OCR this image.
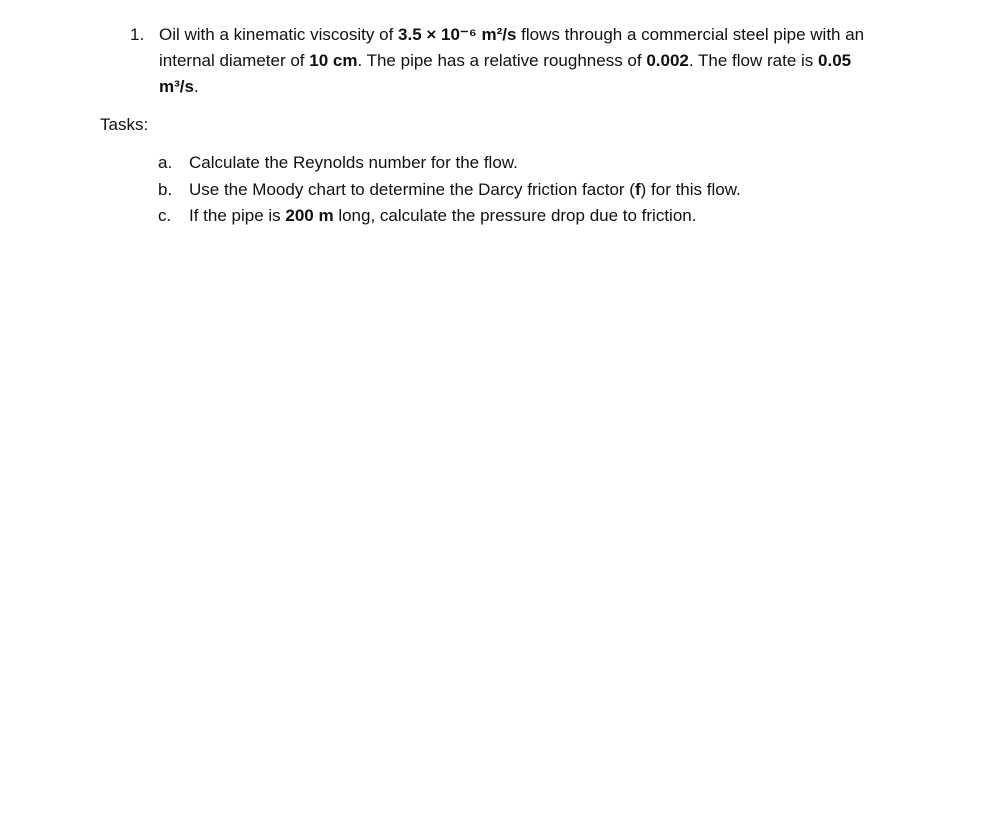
1. Oil with a kinematic viscosity of 3.5 × 10⁻⁶ m²/s flows through a commercial steel pipe with an internal diameter of 10 cm. The pipe has a relative roughness of 0.002. The flow rate is 0.05 m³/s.
Tasks:
a. Calculate the Reynolds number for the flow.
b. Use the Moody chart to determine the Darcy friction factor (f) for this flow.
c.	If the pipe is 200 m long, calculate the pressure drop due to friction.
